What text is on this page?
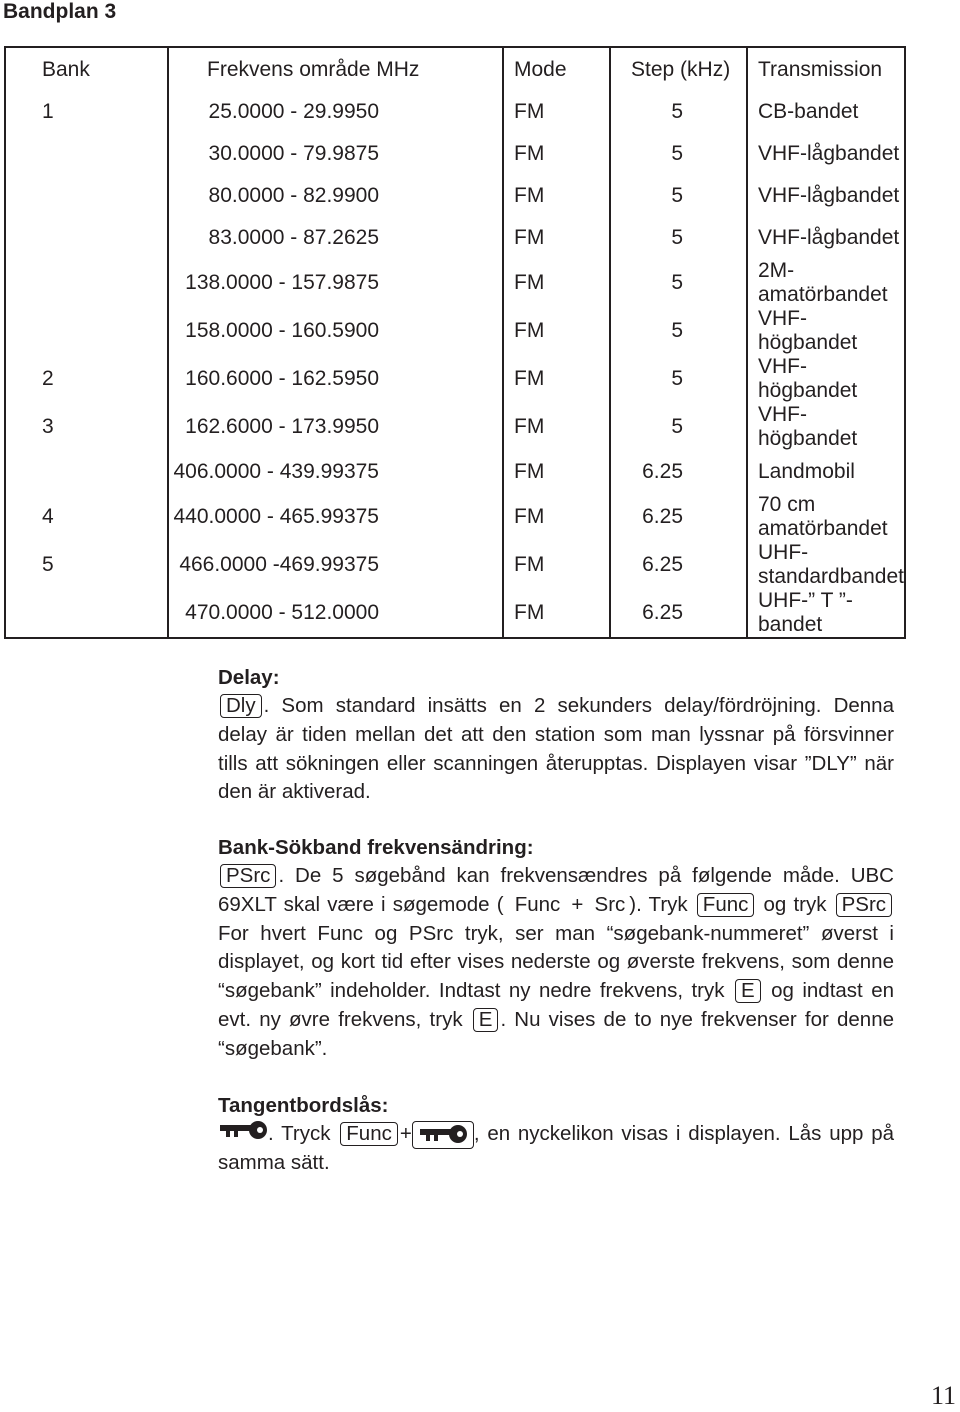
Bandplan 3
Bank	Frekvens område MHz	Mode	Step (kHz)	Transmission
1	25.0000 - 29.9950	FM	5	CB-bandet
	30.0000 - 79.9875	FM	5	VHF-lågbandet
	80.0000 - 82.9900	FM	5	VHF-lågbandet
	83.0000 - 87.2625	FM	5	VHF-lågbandet
	138.0000 - 157.9875	FM	5	2M-amatörbandet
	158.0000 - 160.5900	FM	5	VHF-högbandet
2	160.6000 - 162.5950	FM	5	VHF-högbandet
3	162.6000 - 173.9950	FM	5	VHF-högbandet
	406.0000 - 439.99375	FM	6.25	Landmobil
4	440.0000 - 465.99375	FM	6.25	70 cm amatörbandet
5	466.0000 -469.99375	FM	6.25	UHF-standardbandet
	470.0000 - 512.0000	FM	6.25	UHF-” T ”-bandet
Delay:

Dly . Som standard insätts en 2 sekunders delay/fördröjning. Denna delay är tiden mellan det att den station som man lyssnar på försvinner tills att sökningen eller scanningen återupptas. Displayen visar ”DLY” när den är aktiverad.

Bank-Sökband frekvensändring:

PSrc . De 5 søgebånd kan frekvensændres på følgende måde. UBC 69XLT skal være i søgemode ( Func + Src ). Tryk Func og tryk PSrc For hvert Func og PSrc tryk, ser man “søgebank-nummeret” øverst i displayet, og kort tid efter vises nederste og øverste frekvens, som denne “søgebank” indeholder. Indtast ny nedre frekvens, tryk E og indtast en evt. ny øvre frekvens, tryk E . Nu vises de to nye frekvenser for denne “søgebank”.

Tangentbordslås:

. Tryck Func +	, en nyckelikon visas i displayen. Lås upp på samma sätt.

11
